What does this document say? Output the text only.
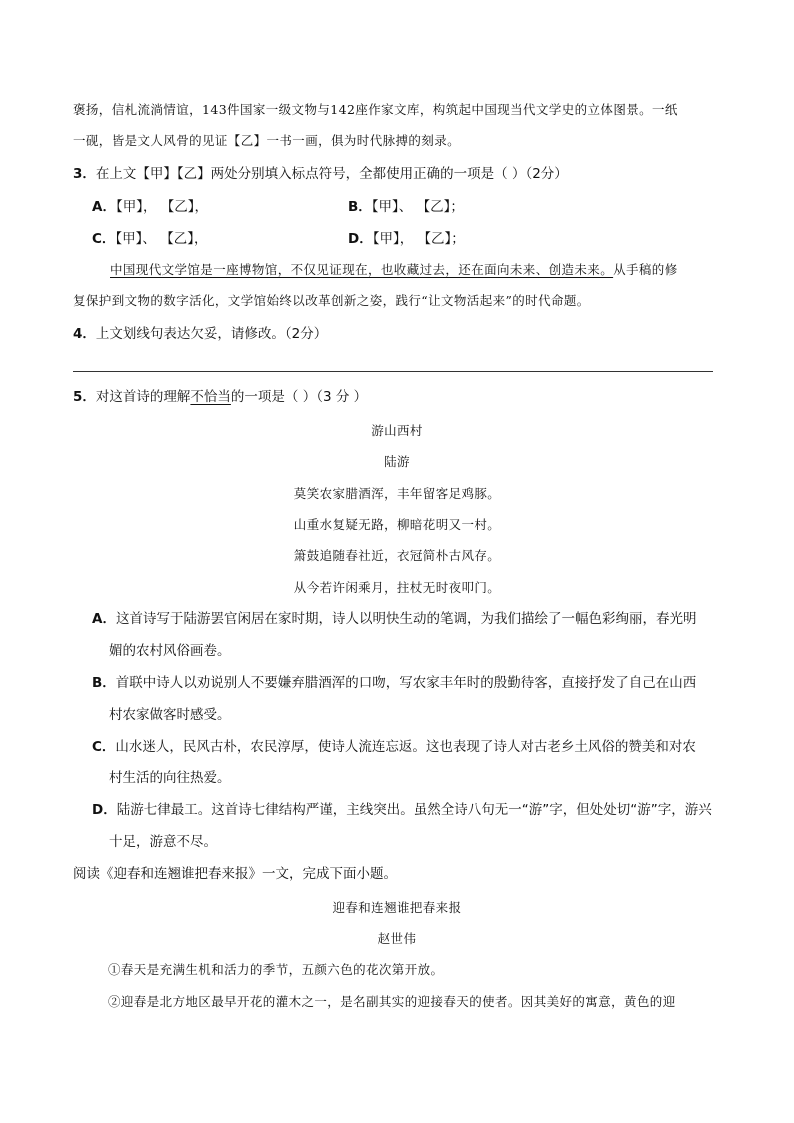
褒扬，信札流淌情谊，143件国家一级文物与142座作家文库，构筑起中国现当代文学史的立体图景。一纸
一砚，皆是文人风骨的见证【乙】一书一画，俱为时代脉搏的刻录。
3．在上文【甲】【乙】两处分别填入标点符号，全都使用正确的一项是（ ）（2分）
A．【甲】， 【乙】，	B．【甲】、 【乙】；
C．【甲】、 【乙】，	D．【甲】， 【乙】；
中国现代文学馆是一座博物馆，不仅见证现在，也收藏过去，还在面向未来、创造未来。从手稿的修
复保护到文物的数字活化，文学馆始终以改革创新之姿，践行“让文物活起来”的时代命题。
4．上文划线句表达欠妥，请修改。（2分）
5．对这首诗的理解不恰当的一项是（ ）（3 分 ）
游山西村
陆游
莫笑农家腊酒浑，丰年留客足鸡豚。
山重水复疑无路，柳暗花明又一村。
箫鼓追随春社近，衣冠简朴古风存。
从今若许闲乘月，拄杖无时夜叩门。
A．这首诗写于陆游罢官闲居在家时期，诗人以明快生动的笔调，为我们描绘了一幅色彩绚丽，春光明
媚的农村风俗画卷。
B．首联中诗人以劝说别人不要嫌弃腊酒浑的口吻，写农家丰年时的殷勤待客，直接抒发了自己在山西
村农家做客时感受。
C．山水迷人，民风古朴，农民淳厚，使诗人流连忘返。这也表现了诗人对古老乡土风俗的赞美和对农
村生活的向往热爱。
D．陆游七律最工。这首诗七律结构严谨，主线突出。虽然全诗八句无一“游”字，但处处切“游”字，游兴
十足，游意不尽。
阅读《迎春和连翘谁把春来报》一文，完成下面小题。
迎春和连翘谁把春来报
赵世伟
①春天是充满生机和活力的季节，五颜六色的花次第开放。
②迎春是北方地区最早开花的灌木之一，是名副其实的迎接春天的使者。因其美好的寓意，黄色的迎
